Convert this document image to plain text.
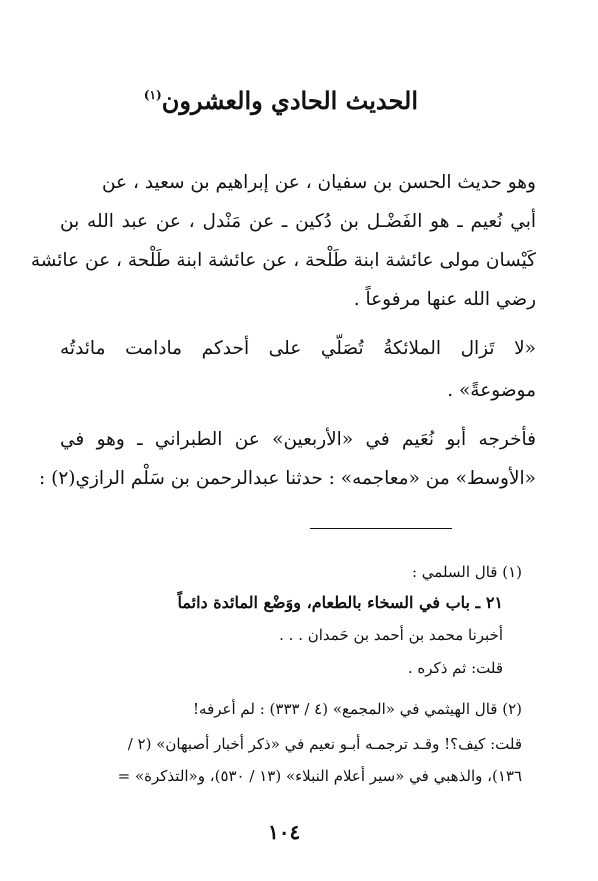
الحديث الحادي والعشرون$^{(١)}$
وهو حديث الحسن بن سفيان ، عن إبراهيم بن سعيد ، عن
أبي نُعيم ـ هو الفَضْـل بن دُكين ـ عن مَنْدل ، عن عبد الله بن
كَيْسان مولى عائشة ابنة طَلْحة ، عن عائشة ابنة طَلْحة ، عن عائشة
رضي الله عنها مرفوعاً .
«لا تَزال الملائكةُ تُصَلّي على أحدكم مادامت مائدتُه
موضوعةً» .
فأخرجه أبو نُعَيم في «الأربعين» عن الطبراني ـ وهو في
«الأوسط» من «معاجمه» : حدثنا عبدالرحمن بن سَلْم الرازي(٢) :
(١) قال السلمي :
٢١ ـ باب في السخاء بالطعام، ووَضْع المائدة دائماً
أخبرنا محمد بن أحمد بن حَمدان . . .
قلت: ثم ذكره .
(٢) قال الهيثمي في «المجمع» (٤ / ٣٣٣) : لم أعرفه!
قلت: كيف؟! وقـد ترجمـه أبـو نعيم في «ذكر أخبار أصبهان» (٢ /
١٣٦)، والذهبي في «سير أعلام النبلاء» (١٣ / ٥٣٠)، و«التذكرة» =
١٠٤
